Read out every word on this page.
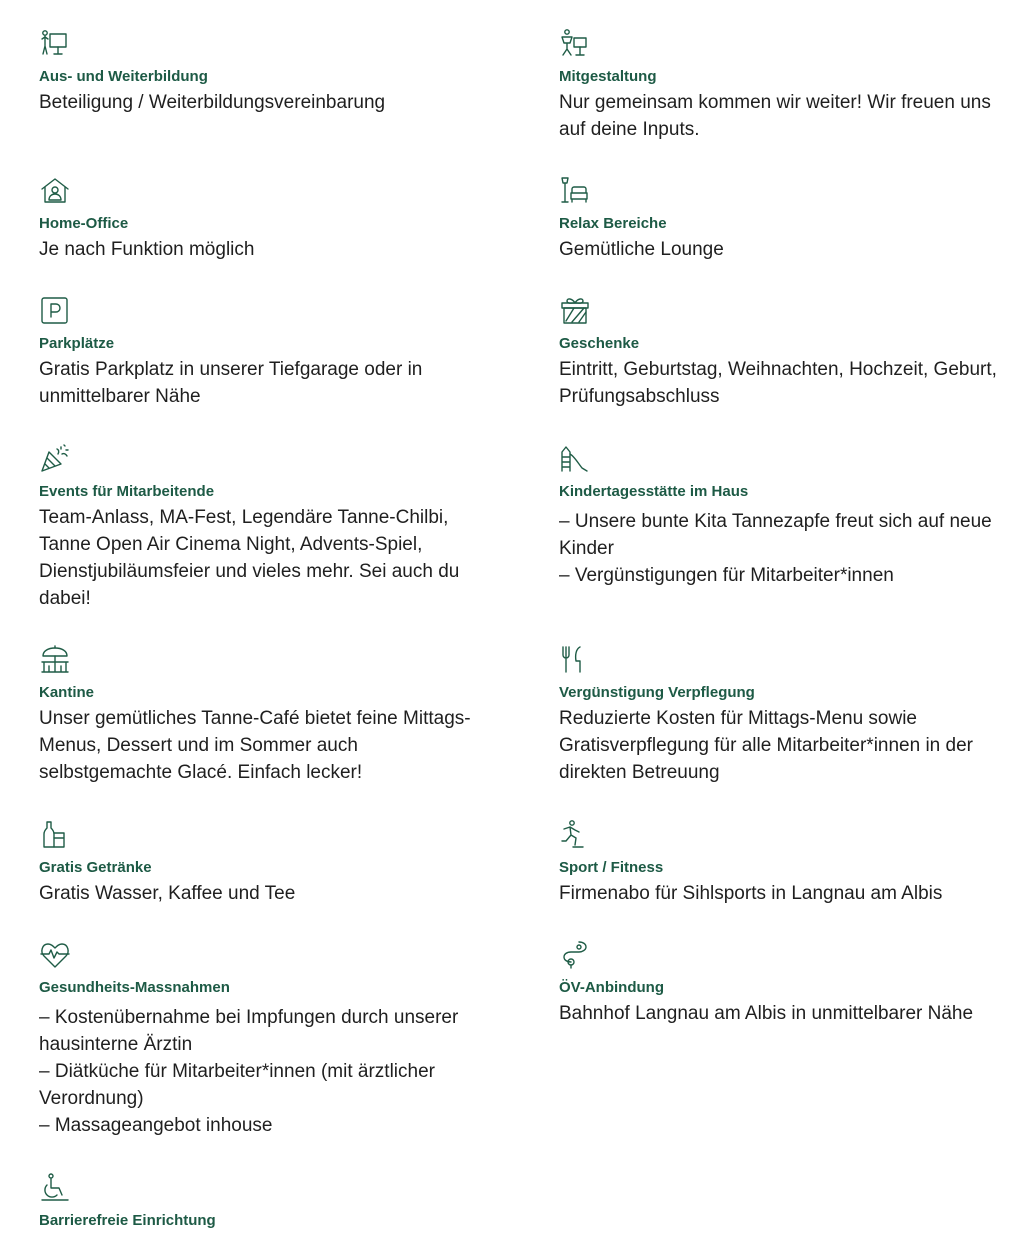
Aus- und Weiterbildung
Beteiligung / Weiterbildungsvereinbarung
Home-Office
Je nach Funktion möglich
Parkplätze
Gratis Parkplatz in unserer Tiefgarage oder in unmittelbarer Nähe
Events für Mitarbeitende
Team-Anlass, MA-Fest, Legendäre Tanne-Chilbi, Tanne Open Air Cinema Night, Advents-Spiel, Dienstjubiläumsfeier und vieles mehr. Sei auch du dabei!
Kantine
Unser gemütliches Tanne-Café bietet feine Mittags-Menus, Dessert und im Sommer auch selbstgemachte Glacé. Einfach lecker!
Gratis Getränke
Gratis Wasser, Kaffee und Tee
Gesundheits-Massnahmen
– Kostenübernahme bei Impfungen durch unserer hausinterne Ärztin
– Diätküche für Mitarbeiter*innen (mit ärztlicher Verordnung)
– Massageangebot inhouse
Barrierefreie Einrichtung
Mitgestaltung
Nur gemeinsam kommen wir weiter! Wir freuen uns auf deine Inputs.
Relax Bereiche
Gemütliche Lounge
Geschenke
Eintritt, Geburtstag, Weihnachten, Hochzeit, Geburt, Prüfungsabschluss
Kindertagesstätte im Haus
– Unsere bunte Kita Tannezapfe freut sich auf neue Kinder
– Vergünstigungen für Mitarbeiter*innen
Vergünstigung Verpflegung
Reduzierte Kosten für Mittags-Menu sowie Gratisverpflegung für alle Mitarbeiter*innen in der direkten Betreuung
Sport / Fitness
Firmenabo für Sihlsports in Langnau am Albis
ÖV-Anbindung
Bahnhof Langnau am Albis in unmittelbarer Nähe
